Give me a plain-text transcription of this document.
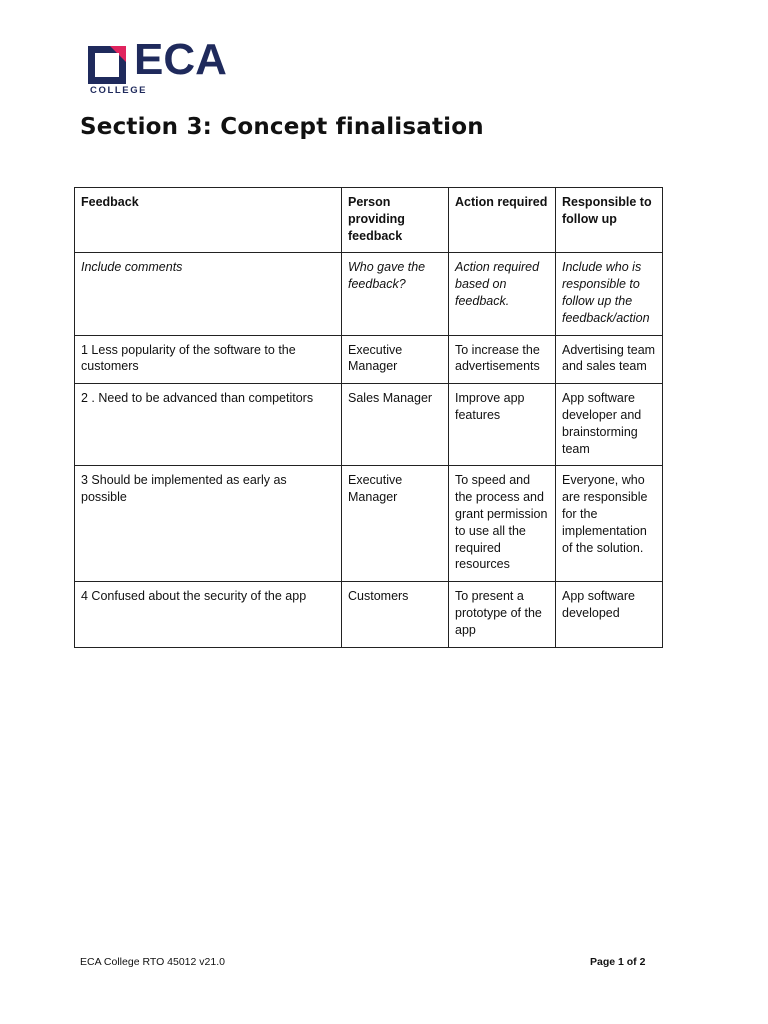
ECA
COLLEGE
Section 3: Concept finalisation
Feedback	Person providing feedback	Action required	Responsible to follow up
Include comments	Who gave the feedback?	Action required based on feedback.	Include who is responsible to follow up the feedback/action
1 Less popularity of the software to the customers	Executive Manager	To increase the advertisements	Advertising team and sales team
2 . Need to be advanced than competitors	Sales Manager	Improve app features	App software developer and brainstorming team
3 Should be implemented as early as possible	Executive Manager	To speed and the process and grant permission to use all the required resources	Everyone, who are responsible for the implementation of the solution.
4 Confused about the security of the app	Customers	To present a prototype of the app	App software developed
ECA College RTO 45012 v21.0	Page 1 of 2
